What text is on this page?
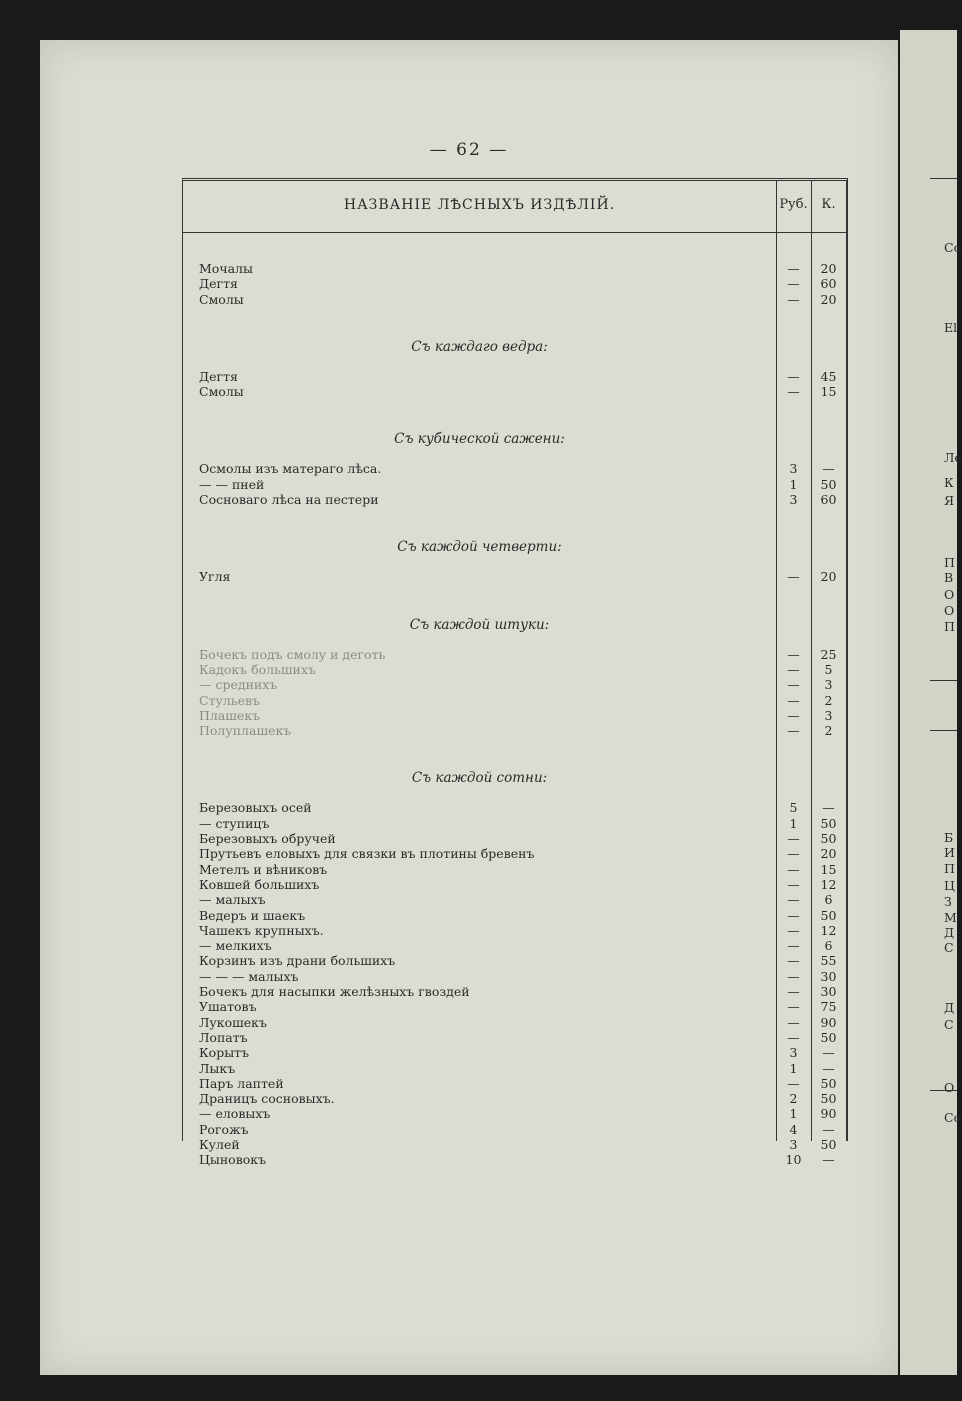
— 62 —
НАЗВАНІЕ ЛѢСНЫХЪ ИЗДѢЛІЙ.	Руб.	К.
Мочалы	—	20
Дегтя	—	60
Смолы	—	20
Съ каждаго ведра:
Дегтя	—	45
Смолы	—	15
Съ кубической сажени:
Осмолы изъ матераго лѣса.	3	—
— — пней	1	50
Сосноваго лѣса на пестери	3	60
Съ каждой четверти:
Угля	—	20
Съ каждой штуки:
Бочекъ подъ смолу и деготь	—	25
Кадокъ большихъ	—	5
— среднихъ	—	3
Стульевъ	—	2
Плашекъ	—	3
Полуплашекъ	—	2
Съ каждой сотни:
Березовыхъ осей	5	—
— ступицъ	1	50
Березовыхъ обручей	—	50
Прутьевъ еловыхъ для связки въ плотины бревенъ	—	20
Метелъ и вѣниковъ	—	15
Ковшей большихъ	—	12
— малыхъ	—	6
Ведеръ и шаекъ	—	50
Чашекъ крупныхъ.	—	12
— мелкихъ	—	6
Корзинъ изъ драни большихъ	—	55
— — — малыхъ	—	30
Бочекъ для насыпки желѣзныхъ гвоздей	—	30
Ушатовъ	—	75
Лукошекъ	—	90
Лопатъ	—	50
Корытъ	3	—
Лыкъ	1	—
Паръ лаптей	—	50
Драницъ сосновыхъ.	2	50
— еловыхъ	1	90
Рогожъ	4	—
Кулей	3	50
Цыновокъ	10	—
Co
El
Ле
К
Я
П
В
О
О
П
Б
И
П
Ц
З
М
Д
С
Д
С
О
Co
